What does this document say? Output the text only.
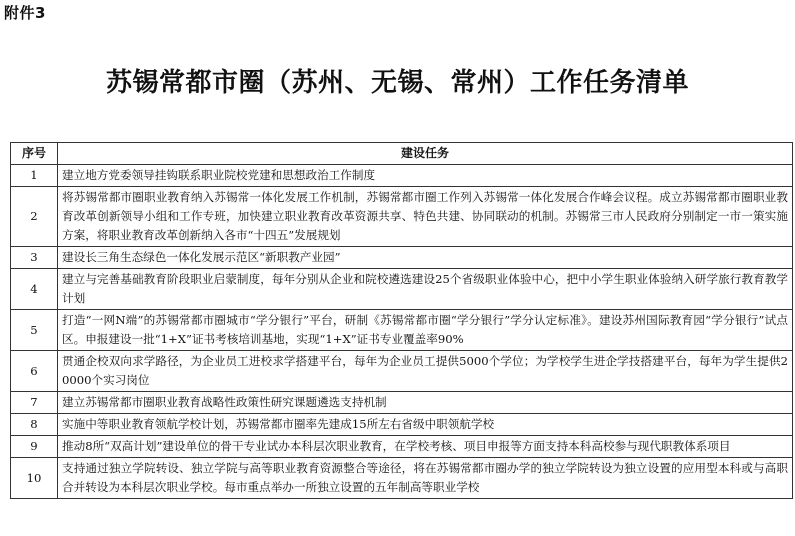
附件3
苏锡常都市圈（苏州、无锡、常州）工作任务清单
序号	建设任务
1	建立地方党委领导挂钩联系职业院校党建和思想政治工作制度
2	将苏锡常都市圈职业教育纳入苏锡常一体化发展工作机制，苏锡常都市圈工作列入苏锡常一体化发展合作峰会议程。成立苏锡常都市圈职业教育改革创新领导小组和工作专班，加快建立职业教育改革资源共享、特色共建、协同联动的机制。苏锡常三市人民政府分别制定一市一策实施方案，将职业教育改革创新纳入各市“十四五”发展规划
3	建设长三角生态绿色一体化发展示范区“新职教产业园”
4	建立与完善基础教育阶段职业启蒙制度，每年分别从企业和院校遴选建设25个省级职业体验中心，把中小学生职业体验纳入研学旅行教育教学计划
5	打造“一网N端”的苏锡常都市圈城市“学分银行”平台，研制《苏锡常都市圈“学分银行”学分认定标准》。建设苏州国际教育园“学分银行”试点区。申报建设一批“1+X”证书考核培训基地，实现“1+X”证书专业覆盖率90%
6	贯通企校双向求学路径，为企业员工进校求学搭建平台，每年为企业员工提供5000个学位；为学校学生进企学技搭建平台，每年为学生提供20000个实习岗位
7	建立苏锡常都市圈职业教育战略性政策性研究课题遴选支持机制
8	实施中等职业教育领航学校计划，苏锡常都市圈率先建成15所左右省级中职领航学校
9	推动8所“双高计划”建设单位的骨干专业试办本科层次职业教育，在学校考核、项目申报等方面支持本科高校参与现代职教体系项目
10	支持通过独立学院转设、独立学院与高等职业教育资源整合等途径，将在苏锡常都市圈办学的独立学院转设为独立设置的应用型本科或与高职合并转设为本科层次职业学校。每市重点举办一所独立设置的五年制高等职业学校
